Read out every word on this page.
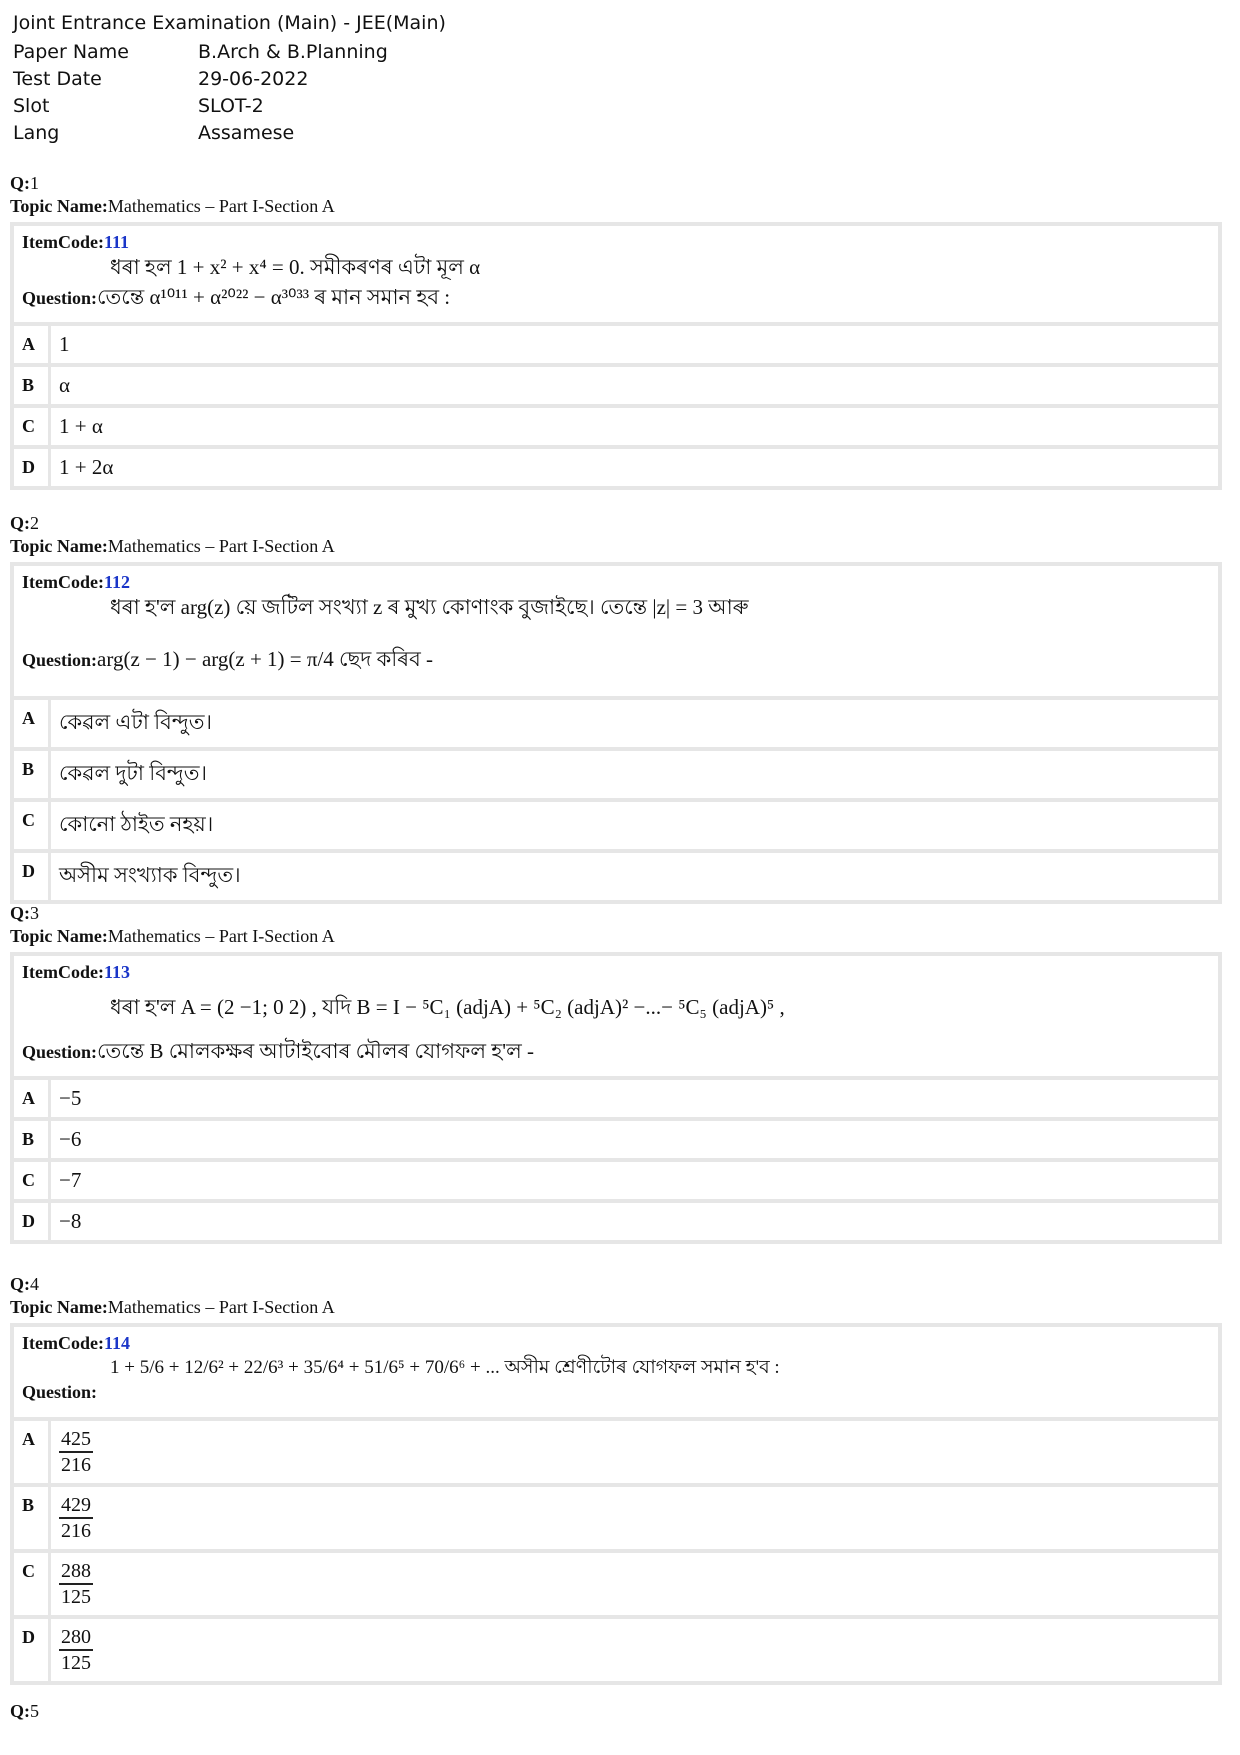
Joint Entrance Examination (Main) - JEE(Main)
Paper Name	B.Arch & B.Planning
Test Date	29-06-2022
Slot	SLOT-2
Lang	Assamese
Q:1
Topic Name:Mathematics – Part I-Section A
ItemCode:111
ধৰা হল 1 + x² + x⁴ = 0. সমীকৰণৰ এটা মূল α
Question:তেন্তে α¹⁰¹¹ + α²⁰²² − α³⁰³³ ৰ মান সমান হব :
A	1
B	α
C	1 + α
D	1 + 2α
Q:2
Topic Name:Mathematics – Part I-Section A
ItemCode:112
ধৰা হ'ল arg(z) য়ে জটিল সংখ্যা z ৰ মুখ্য কোণাংক বুজাইছে। তেন্তে |z| = 3 আৰু
Question:arg(z − 1) − arg(z + 1) = π/4 ছেদ কৰিব -
A	কেৱল এটা বিন্দুত।
B	কেৱল দুটা বিন্দুত।
C	কোনো ঠাইত নহয়।
D	অসীম সংখ্যাক বিন্দুত।
Q:3
Topic Name:Mathematics – Part I-Section A
ItemCode:113
ধৰা হ'ল A = (2 −1; 0 2) , যদি B = I − ⁵C₁ (adjA) + ⁵C₂ (adjA)² −...− ⁵C₅ (adjA)⁵ ,
Question:তেন্তে B মোলকক্ষৰ আটাইবোৰ মৌলৰ যোগফল হ'ল -
A	−5
B	−6
C	−7
D	−8
Q:4
Topic Name:Mathematics – Part I-Section A
ItemCode:114
1 + 5/6 + 12/6² + 22/6³ + 35/6⁴ + 51/6⁵ + 70/6⁶ + ... অসীম শ্ৰেণীটোৰ যোগফল সমান হ'ব :
Question:
A	$\frac{425}{216}$
B	$\frac{429}{216}$
C	$\frac{288}{125}$
D	$\frac{280}{125}$
Q:5
